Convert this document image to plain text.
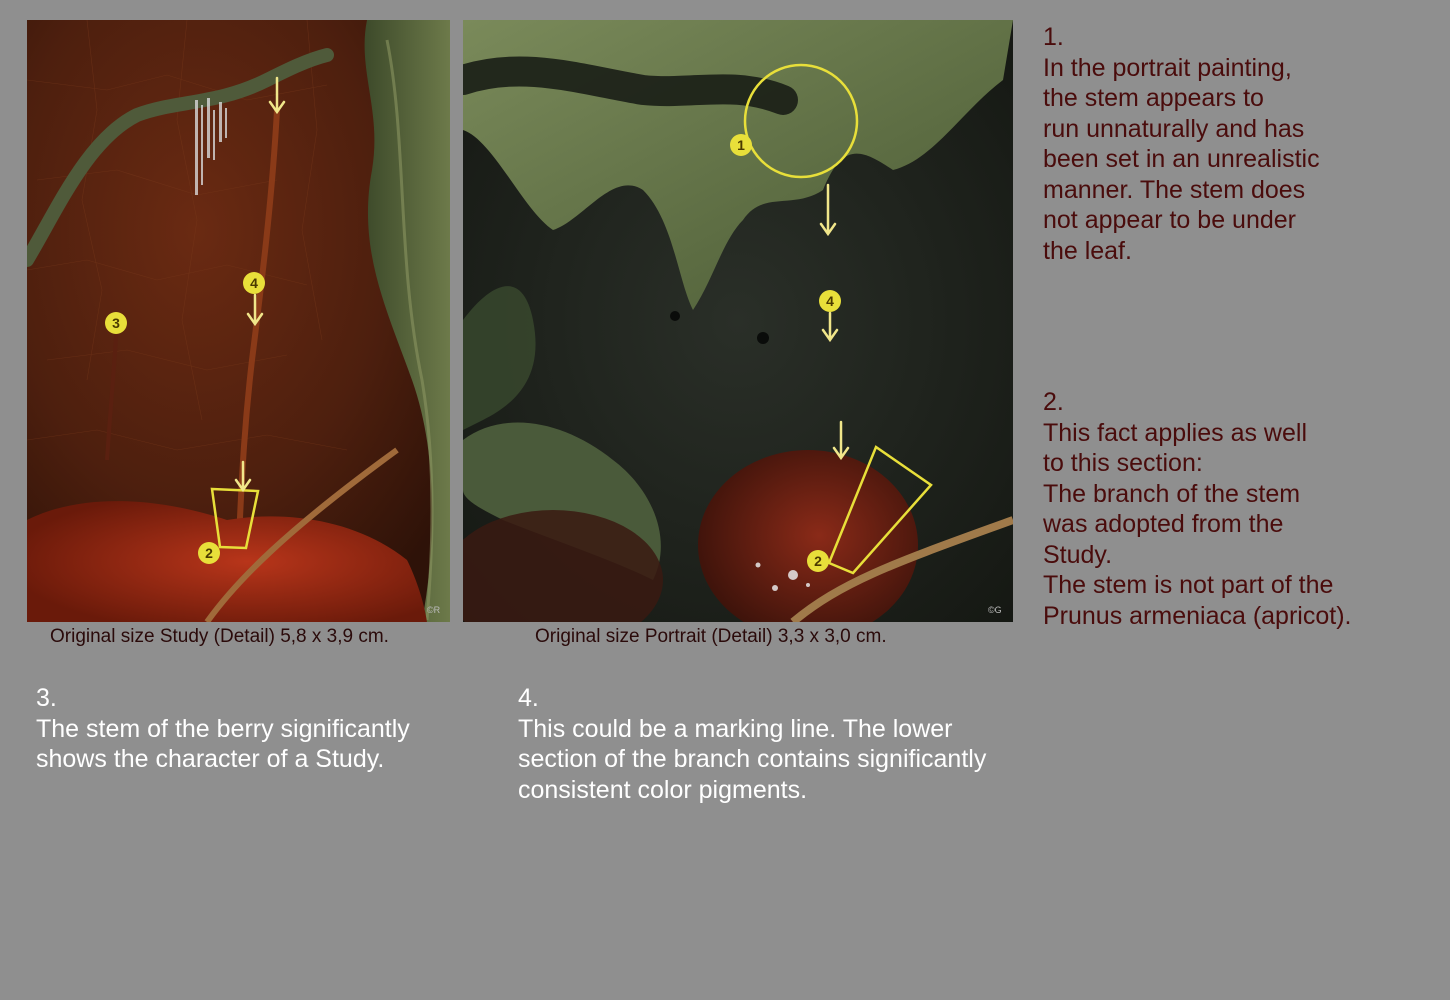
4
3
2
©R
1
4
2
©G
Original size Study (Detail) 5,8 x 3,9 cm.	Original size Portrait (Detail) 3,3 x 3,0 cm.
1.
In the portrait painting,
the stem appears to
run unnaturally and has
been set in an unrealistic
manner. The stem does
not appear to be under
the leaf.
2.
This fact applies as well
to this section:
The branch of the stem
was adopted from the
Study.
The stem is not part of the
Prunus armeniaca (apricot).
3.
The stem of the berry significantly
shows the character of a Study.
4.
This could be a marking line. The lower
section of the branch contains significantly
consistent color pigments.
